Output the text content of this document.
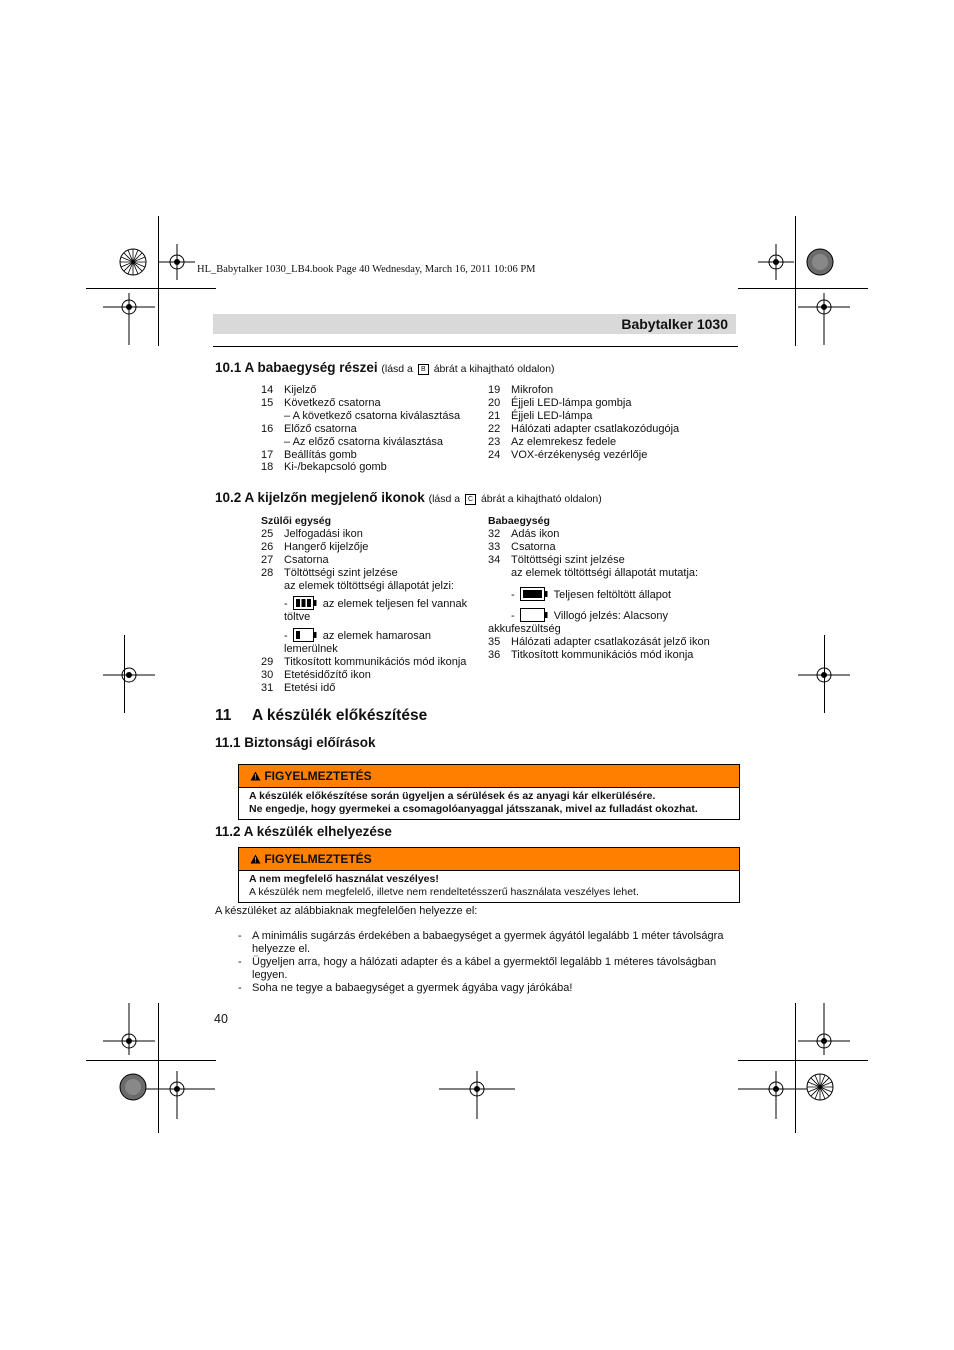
HL_Babytalker 1030_LB4.book Page 40 Wednesday, March 16, 2011 10:06 PM
Babytalker 1030
10.1 A babaegység részei (lásd a B ábrát a kihajtható oldalon)
14 Kijelző
15 Következő csatorna
– A következő csatorna kiválasztása
16 Előző csatorna
– Az előző csatorna kiválasztása
17 Beállítás gomb
18 Ki-/bekapcsoló gomb
19 Mikrofon
20 Éjjeli LED-lámpa gombja
21 Éjjeli LED-lámpa
22 Hálózati adapter csatlakozódugója
23 Az elemrekesz fedele
24 VOX-érzékenység vezérlője
10.2 A kijelzőn megjelenő ikonok (lásd a C ábrát a kihajtható oldalon)
Szülői egység
25 Jelfogadási ikon
26 Hangerő kijelzője
27 Csatorna
28 Töltöttségi szint jelzése
az elemek töltöttségi állapotát jelzi:
-	az elemek teljesen fel vannak
töltve
-	az elemek hamarosan
lemerülnek
29 Titkosított kommunikációs mód ikonja
30 Etetésidőzítő ikon
31 Etetési idő
Babaegység
32 Adás ikon
33 Csatorna
34 Töltöttségi szint jelzése
az elemek töltöttségi állapotát mutatja:
-	Teljesen feltöltött állapot
-	Villogó jelzés: Alacsony
akkufeszültség
35 Hálózati adapter csatlakozását jelző ikon
36 Titkosított kommunikációs mód ikonja
11 A készülék előkészítése
11.1 Biztonsági előírások
FIGYELMEZTETÉS
A készülék előkészítése során ügyeljen a sérülések és az anyagi kár elkerülésére.
Ne engedje, hogy gyermekei a csomagolóanyaggal játsszanak, mivel az fulladást okozhat.
11.2 A készülék elhelyezése
FIGYELMEZTETÉS
A nem megfelelő használat veszélyes!
A készülék nem megfelelő, illetve nem rendeltetésszerű használata veszélyes lehet.
A készüléket az alábbiaknak megfelelően helyezze el:
- A minimális sugárzás érdekében a babaegységet a gyermek ágyától legalább 1 méter távolságra helyezze el.
- Ügyeljen arra, hogy a hálózati adapter és a kábel a gyermektől legalább 1 méteres távolságban legyen.
- Soha ne tegye a babaegységet a gyermek ágyába vagy járókába!
40
